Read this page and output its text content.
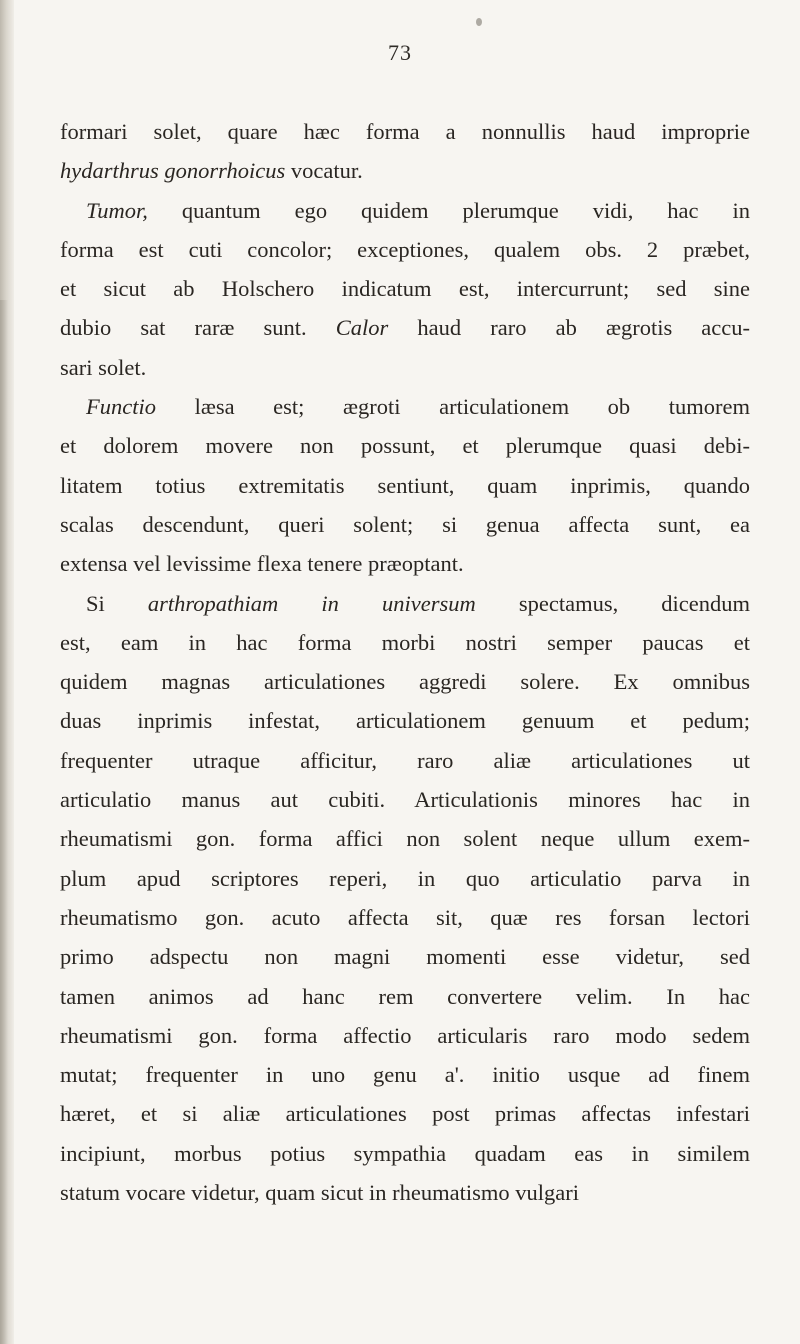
73
formari solet, quare hæc forma a nonnullis haud improprie
hydarthrus gonorrhoicus vocatur.
Tumor, quantum ego quidem plerumque vidi, hac in
forma est cuti concolor; exceptiones, qualem obs. 2 præbet,
et sicut ab Holschero indicatum est, intercurrunt; sed sine
dubio sat raræ sunt. Calor haud raro ab ægrotis accu-
sari solet.
Functio læsa est; ægroti articulationem ob tumorem
et dolorem movere non possunt, et plerumque quasi debi-
litatem totius extremitatis sentiunt, quam inprimis, quando
scalas descendunt, queri solent; si genua affecta sunt, ea
extensa vel levissime flexa tenere præoptant.
Si arthropathiam in universum spectamus, dicendum
est, eam in hac forma morbi nostri semper paucas et
quidem magnas articulationes aggredi solere. Ex omnibus
duas inprimis infestat, articulationem genuum et pedum;
frequenter utraque afficitur, raro aliæ articulationes ut
articulatio manus aut cubiti. Articulationis minores hac in
rheumatismi gon. forma affici non solent neque ullum exem-
plum apud scriptores reperi, in quo articulatio parva in
rheumatismo gon. acuto affecta sit, quæ res forsan lectori
primo adspectu non magni momenti esse videtur, sed
tamen animos ad hanc rem convertere velim. In hac
rheumatismi gon. forma affectio articularis raro modo sedem
mutat; frequenter in uno genu a'. initio usque ad finem
hæret, et si aliæ articulationes post primas affectas infestari
incipiunt, morbus potius sympathia quadam eas in similem
statum vocare videtur, quam sicut in rheumatismo vulgari
